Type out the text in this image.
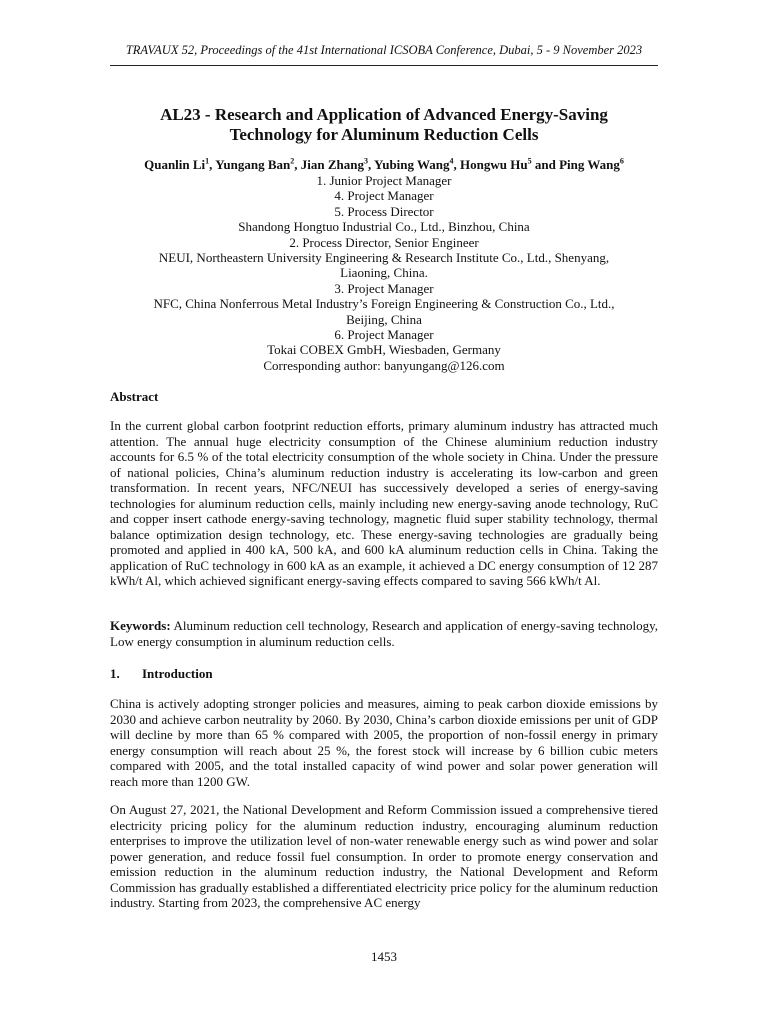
TRAVAUX 52, Proceedings of the 41st International ICSOBA Conference, Dubai, 5 - 9 November 2023
AL23 - Research and Application of Advanced Energy-Saving
Technology for Aluminum Reduction Cells
Quanlin Li$^1$, Yungang Ban$^2$, Jian Zhang$^3$, Yubing Wang$^4$, Hongwu Hu$^5$ and Ping Wang$^6$
1. Junior Project Manager
4. Project Manager
5. Process Director
Shandong Hongtuo Industrial Co., Ltd., Binzhou, China
2. Process Director, Senior Engineer
NEUI, Northeastern University Engineering & Research Institute Co., Ltd., Shenyang,
Liaoning, China.
3. Project Manager
NFC, China Nonferrous Metal Industry’s Foreign Engineering & Construction Co., Ltd.,
Beijing, China
6. Project Manager
Tokai COBEX GmbH, Wiesbaden, Germany
Corresponding author: banyungang@126.com
Abstract

In the current global carbon footprint reduction efforts, primary aluminum industry has attracted much attention. The annual huge electricity consumption of the Chinese aluminium reduction industry accounts for 6.5 % of the total electricity consumption of the whole society in China. Under the pressure of national policies, China’s aluminum reduction industry is accelerating its low-carbon and green transformation. In recent years, NFC/NEUI has successively developed a series of energy-saving technologies for aluminum reduction cells, mainly including new energy-saving anode technology, RuC and copper insert cathode energy-saving technology, magnetic fluid super stability technology, thermal balance optimization design technology, etc. These energy-saving technologies are gradually being promoted and applied in 400 kA, 500 kA, and 600 kA aluminum reduction cells in China. Taking the application of RuC technology in 600 kA as an example, it achieved a DC energy consumption of 12 287 kWh/t Al, which achieved significant energy-saving effects compared to saving 566 kWh/t Al.

Keywords: Aluminum reduction cell technology, Research and application of energy-saving technology, Low energy consumption in aluminum reduction cells.

1. Introduction

China is actively adopting stronger policies and measures, aiming to peak carbon dioxide emissions by 2030 and achieve carbon neutrality by 2060. By 2030, China’s carbon dioxide emissions per unit of GDP will decline by more than 65 % compared with 2005, the proportion of non-fossil energy in primary energy consumption will reach about 25 %, the forest stock will increase by 6 billion cubic meters compared with 2005, and the total installed capacity of wind power and solar power generation will reach more than 1200 GW.

On August 27, 2021, the National Development and Reform Commission issued a comprehensive tiered electricity pricing policy for the aluminum reduction industry, encouraging aluminum reduction enterprises to improve the utilization level of non-water renewable energy such as wind power and solar power generation, and reduce fossil fuel consumption. In order to promote energy conservation and emission reduction in the aluminum reduction industry, the National Development and Reform Commission has gradually established a differentiated electricity price policy for the aluminum reduction industry. Starting from 2023, the comprehensive AC energy

1453
